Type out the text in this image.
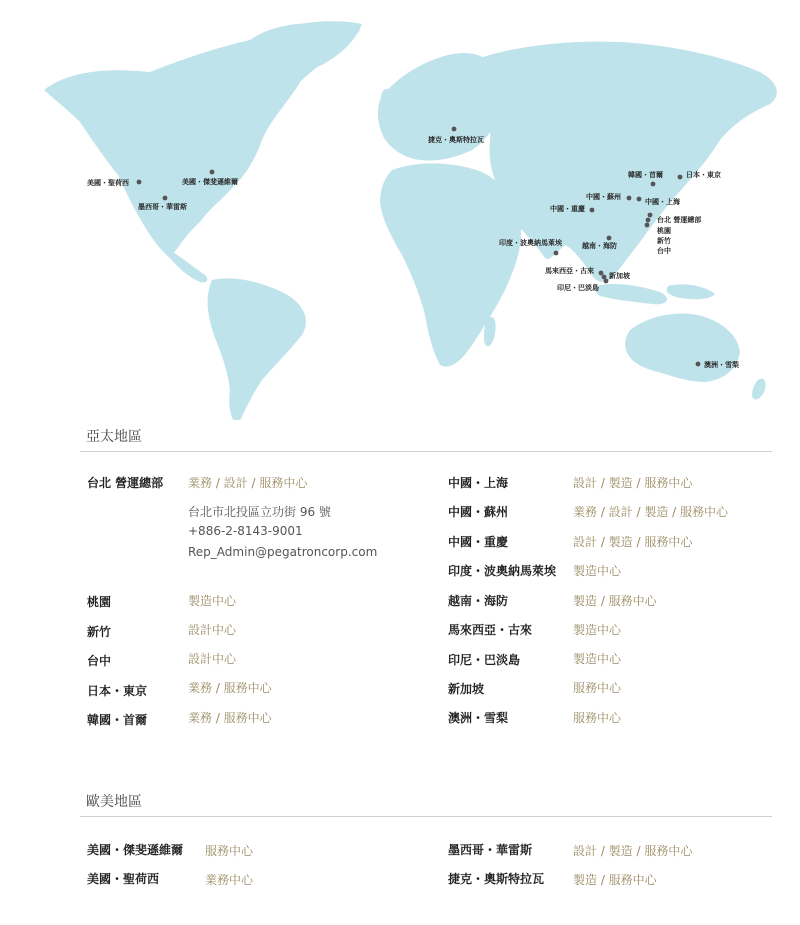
美國・聖荷西	美國・傑斐遜維爾
墨西哥・華雷斯
捷克・奧斯特拉瓦
韓國・首爾	日本・東京
中國・蘇州
中國・上海
中國・重慶
台北 營運總部
桃園
新竹
台中
印度・波奧納馬萊埃	越南・海防
馬來西亞・古來
新加坡
印尼・巴淡島
澳洲・雪梨
亞太地區
台北 營運總部 業務 / 設計 / 服務中心
台北市北投區立功街 96 號
+886-2-8143-9001
Rep_Admin@pegatroncorp.com
桃園	製造中心
新竹	設計中心
台中	設計中心
日本・東京	業務 / 服務中心
韓國・首爾	業務 / 服務中心
中國・上海	設計 / 製造 / 服務中心
中國・蘇州	業務 / 設計 / 製造 / 服務中心
中國・重慶	設計 / 製造 / 服務中心
印度・波奧納馬萊埃 製造中心
越南・海防	製造 / 服務中心
馬來西亞・古來	製造中心
印尼・巴淡島	製造中心
新加坡	服務中心
澳洲・雪梨	服務中心
歐美地區
美國・傑斐遜維爾 服務中心
美國・聖荷西	業務中心
墨西哥・華雷斯	設計 / 製造 / 服務中心
捷克・奧斯特拉瓦 製造 / 服務中心
